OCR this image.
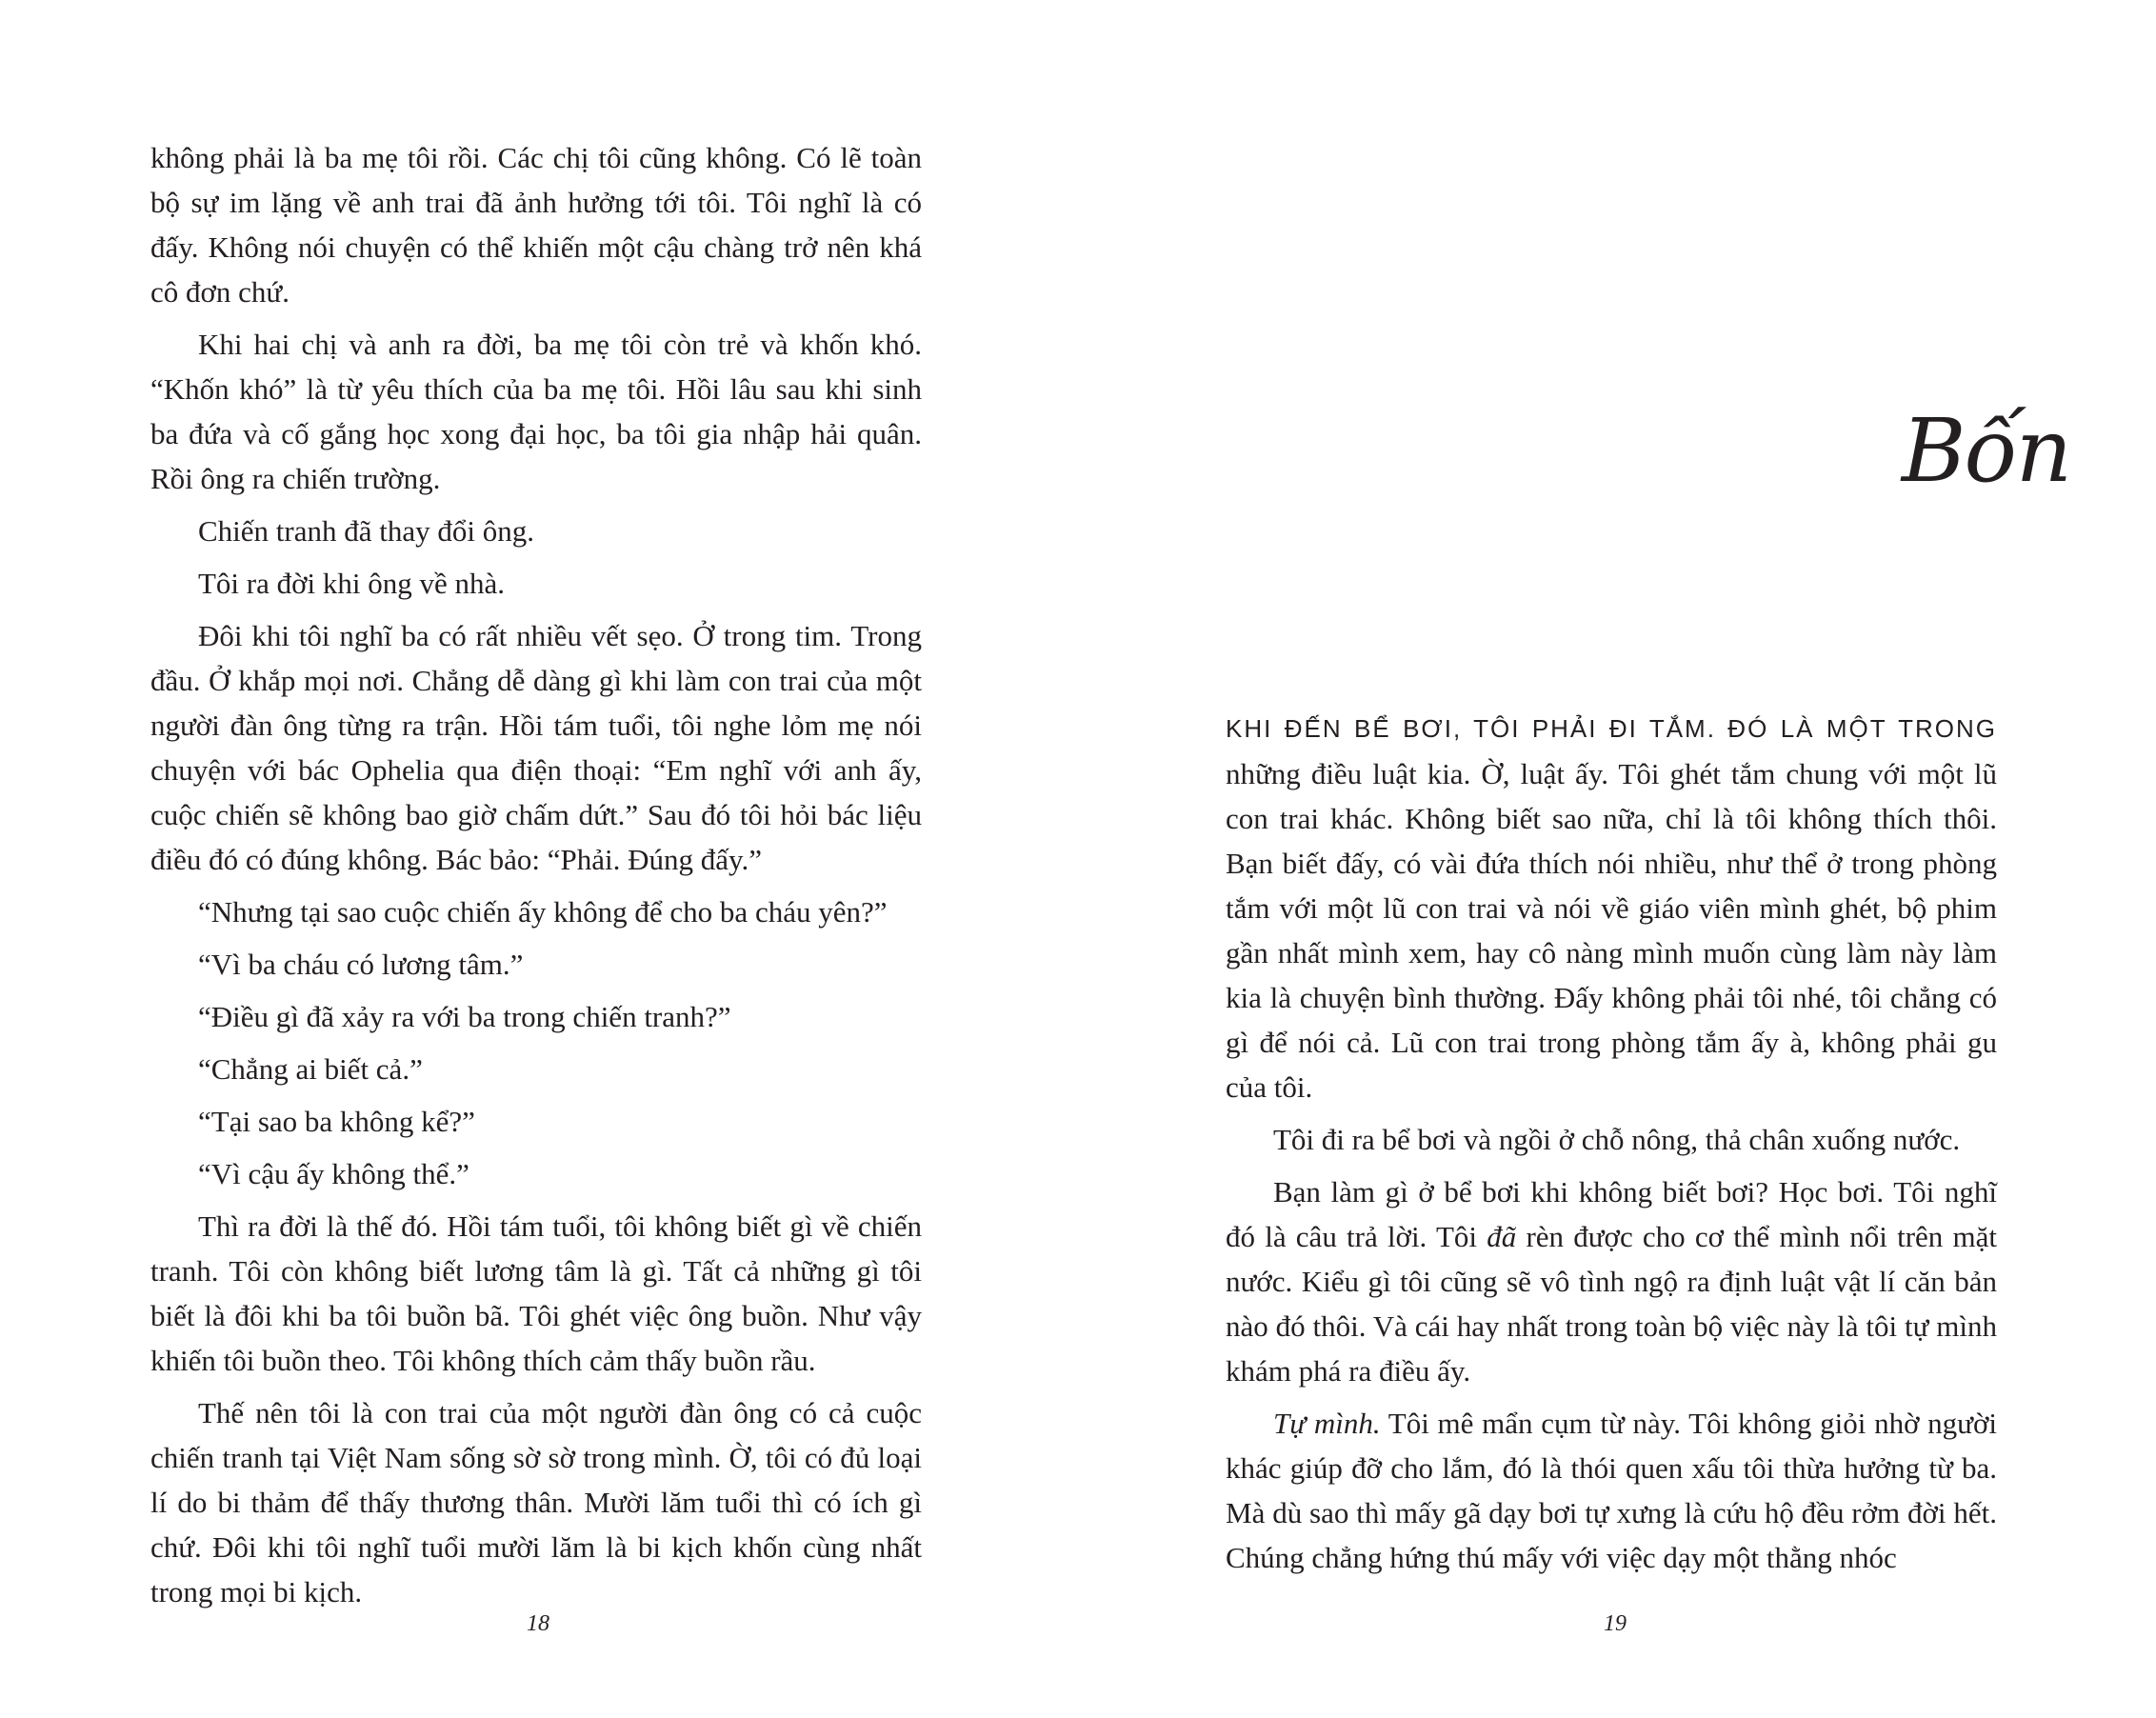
không phải là ba mẹ tôi rồi. Các chị tôi cũng không. Có lẽ toàn bộ sự im lặng về anh trai đã ảnh hưởng tới tôi. Tôi nghĩ là có đấy. Không nói chuyện có thể khiến một cậu chàng trở nên khá cô đơn chứ.

Khi hai chị và anh ra đời, ba mẹ tôi còn trẻ và khốn khó. “Khốn khó” là từ yêu thích của ba mẹ tôi. Hồi lâu sau khi sinh ba đứa và cố gắng học xong đại học, ba tôi gia nhập hải quân. Rồi ông ra chiến trường.

Chiến tranh đã thay đổi ông.

Tôi ra đời khi ông về nhà.

Đôi khi tôi nghĩ ba có rất nhiều vết sẹo. Ở trong tim. Trong đầu. Ở khắp mọi nơi. Chẳng dễ dàng gì khi làm con trai của một người đàn ông từng ra trận. Hồi tám tuổi, tôi nghe lỏm mẹ nói chuyện với bác Ophelia qua điện thoại: “Em nghĩ với anh ấy, cuộc chiến sẽ không bao giờ chấm dứt.” Sau đó tôi hỏi bác liệu điều đó có đúng không. Bác bảo: “Phải. Đúng đấy.”

“Nhưng tại sao cuộc chiến ấy không để cho ba cháu yên?”

“Vì ba cháu có lương tâm.”

“Điều gì đã xảy ra với ba trong chiến tranh?”

“Chẳng ai biết cả.”

“Tại sao ba không kể?”

“Vì cậu ấy không thể.”

Thì ra đời là thế đó. Hồi tám tuổi, tôi không biết gì về chiến tranh. Tôi còn không biết lương tâm là gì. Tất cả những gì tôi biết là đôi khi ba tôi buồn bã. Tôi ghét việc ông buồn. Như vậy khiến tôi buồn theo. Tôi không thích cảm thấy buồn rầu.

Thế nên tôi là con trai của một người đàn ông có cả cuộc chiến tranh tại Việt Nam sống sờ sờ trong mình. Ờ, tôi có đủ loại lí do bi thảm để thấy thương thân. Mười lăm tuổi thì có ích gì chứ. Đôi khi tôi nghĩ tuổi mười lăm là bi kịch khốn cùng nhất trong mọi bi kịch.

18
Bốn

KHI ĐẾN BỂ BƠI, TÔI PHẢI ĐI TẮM. ĐÓ LÀ MỘT TRONG những điều luật kia. Ờ, luật ấy. Tôi ghét tắm chung với một lũ con trai khác. Không biết sao nữa, chỉ là tôi không thích thôi. Bạn biết đấy, có vài đứa thích nói nhiều, như thể ở trong phòng tắm với một lũ con trai và nói về giáo viên mình ghét, bộ phim gần nhất mình xem, hay cô nàng mình muốn cùng làm này làm kia là chuyện bình thường. Đấy không phải tôi nhé, tôi chẳng có gì để nói cả. Lũ con trai trong phòng tắm ấy à, không phải gu của tôi.

Tôi đi ra bể bơi và ngồi ở chỗ nông, thả chân xuống nước.

Bạn làm gì ở bể bơi khi không biết bơi? Học bơi. Tôi nghĩ đó là câu trả lời. Tôi đã rèn được cho cơ thể mình nổi trên mặt nước. Kiểu gì tôi cũng sẽ vô tình ngộ ra định luật vật lí căn bản nào đó thôi. Và cái hay nhất trong toàn bộ việc này là tôi tự mình khám phá ra điều ấy.

Tự mình. Tôi mê mẩn cụm từ này. Tôi không giỏi nhờ người khác giúp đỡ cho lắm, đó là thói quen xấu tôi thừa hưởng từ ba. Mà dù sao thì mấy gã dạy bơi tự xưng là cứu hộ đều rởm đời hết. Chúng chẳng hứng thú mấy với việc dạy một thằng nhóc

19
